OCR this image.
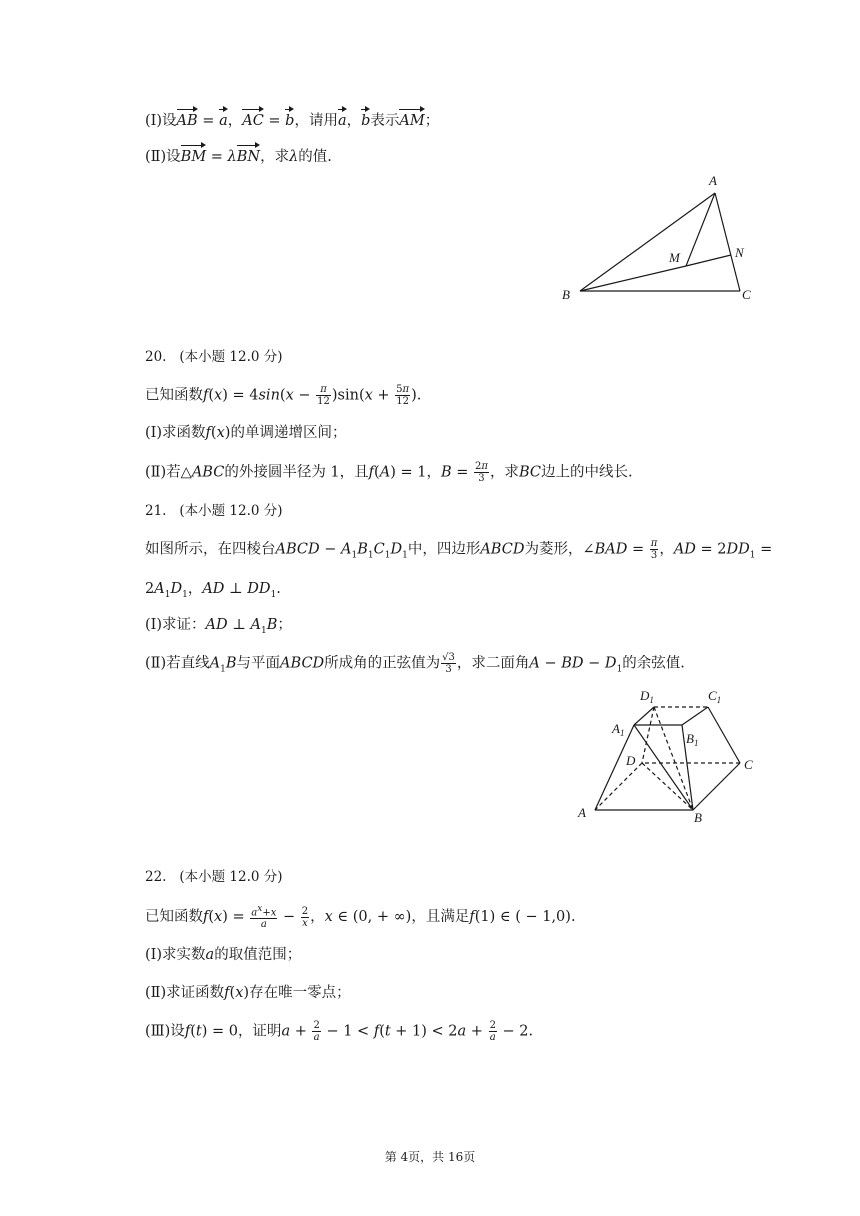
(Ⅰ)设AB = a，AC = b，请用a，b表示AM；
(Ⅱ)设BM = λBN，求λ的值.
A
B	C
M	N
20.   (本小题 12.0 分)
已知函数$f(x) = 4\sin(x - \frac{\pi}{12} )\sin(x + \frac{5\pi}{12}$ ).
(Ⅰ)求函数f(x)的单调递增区间；
(Ⅱ)若△ABC的外接圆半径为 1，且f(A) = 1，$B = \frac{2\pi}{3}$ ，求BC边上的中线长.
21.   (本小题 12.0 分)
如图所示，在四棱台ABCD − $A_1B_1C_1D_1$中，四边形ABCD为菱形，∠BAD = $\frac{\pi}{3}$ ，AD = $2DD_1$ =
$2A_1D_1$，AD ⊥ $DD_1$.
(Ⅰ)求证：AD ⊥ $A_1B$；
(Ⅱ)若直线$A_1B$与平面ABCD所成角的正弦值为 $\frac{√3}{3}$ ，求二面角A − BD − $D_1$的余弦值.
$D_1$	$C_1$
$A_1$	$B_1$
D	C
A	B
22.   (本小题 12.0 分)
已知函数$f(x) = \frac{a^x+x}{a} - \frac{2}{x}$ ，x ∈ (0, + ∞)，且满足f(1) ∈ ( − 1,0).
(Ⅰ)求实数a的取值范围；
(Ⅱ)求证函数f(x)存在唯一零点；
(Ⅲ)设f(t) = 0，证明$a + \frac{2}{a} - 1 < f(t + 1) < 2a + \frac{2}{a} - 2$.
第 4页，共 16页
